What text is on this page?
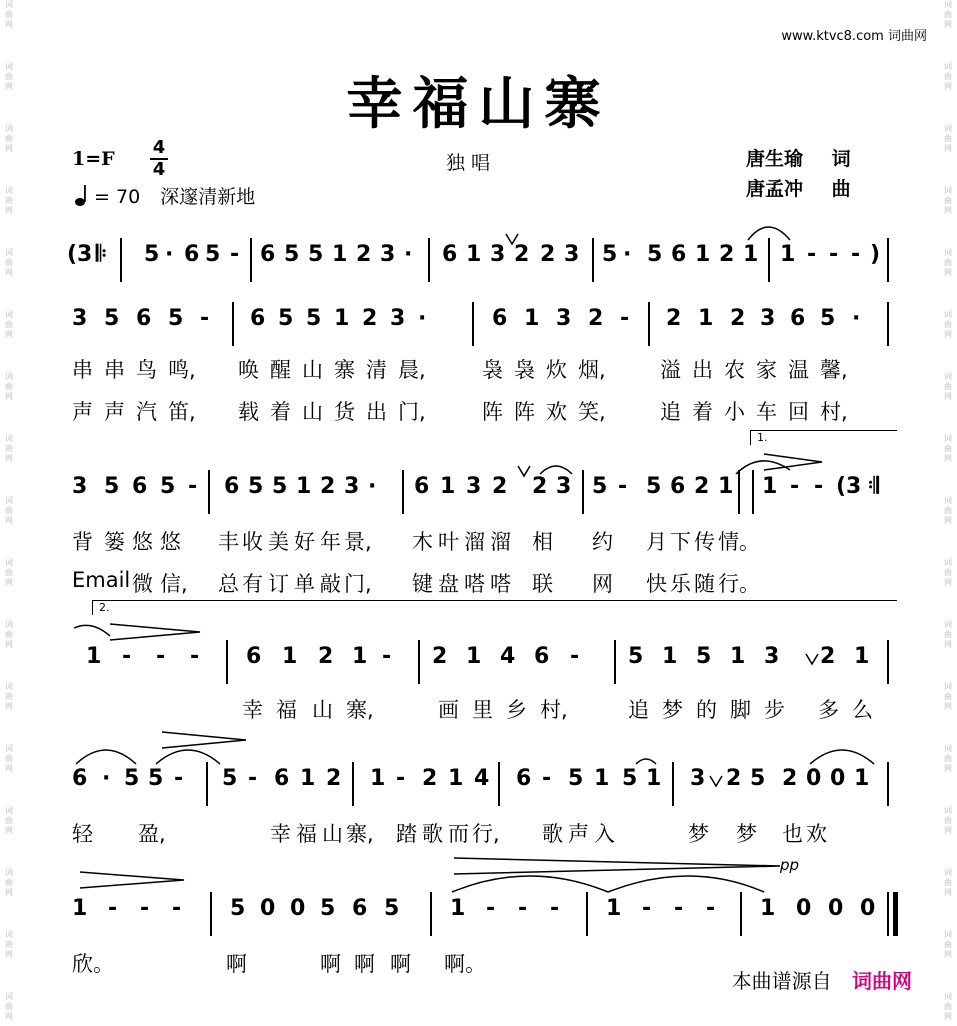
词
曲
网
词
曲
网
词
曲
网
词
曲
网
词
曲
网
词
曲
网
词
曲
网
词
曲
网
词
曲
网
词
曲
网
词
曲
网
词
曲
网
词
曲
网
词
曲
网
词
曲
网
词
曲
网
词
曲
网
词
曲
网
词
曲
网
词
曲
网
词
曲
网
词
曲
网
词
曲
网
词
曲
网
词
曲
网
词
曲
网
词
曲
网
词
曲
网
词
曲
网
词
曲
网
词
曲
网
词
曲
网
词
曲
网
词
曲
网
www.ktvc8.com 词曲网
幸福山寨
1=F
4
4
= 70 深邃清新地
独 唱	唐生瑜 词
唐孟冲 曲
1.
2.
pp
(3 𝄆 5 · 6 5 - 6 5 5 1 2 3 · 6 1 3 2 2 3 5 · 5 6 1 2 1 1 - - - )
3 5 6 5 - 6 5 5 1 2 3 ·	6 1 3 2 - 2 1 2 3 6 5 ·
3 5 6 5 - 6 5 5 1 2 3 · 6 1 3 2 2 3 5 - 5 6 2 1 1 - - (3 𝄇
1 - - - 6 1 2 1 - 2 1 4 6 - 5 1 5 1 3 2 1
6 · 5 5 - 5 - 6 1 2 1 - 2 1 4 6 - 5 1 5 1 3 2 5 2 0 0 1
1 - - - 5 0 0 5 6 5 1 - - - 1 - - - 1 0 0 0
串 串 鸟 鸣, 唤 醒 山 寨 清 晨,	袅 袅 炊 烟,	溢 出 农 家 温 馨,
声 声 汽 笛, 载 着 山 货 出 门,	阵 阵 欢 笑,	追 着 小 车 回 村,
背 篓 悠 悠 丰 收 美 好 年 景, 木 叶 溜 溜 相 约 月 下 传 情。
Email 微 信, 总 有 订 单 敲 门, 键 盘 嗒 嗒 联 网 快 乐 随 行。
幸 福 山 寨,	画 里 乡 村,	追 梦 的 脚 步 多 么
轻 盈,	幸 福 山 寨, 踏 歌 而 行, 歌 声 入	梦 梦 也 欢
欣。	啊	啊 啊 啊 啊。
本曲谱源自 词曲网
